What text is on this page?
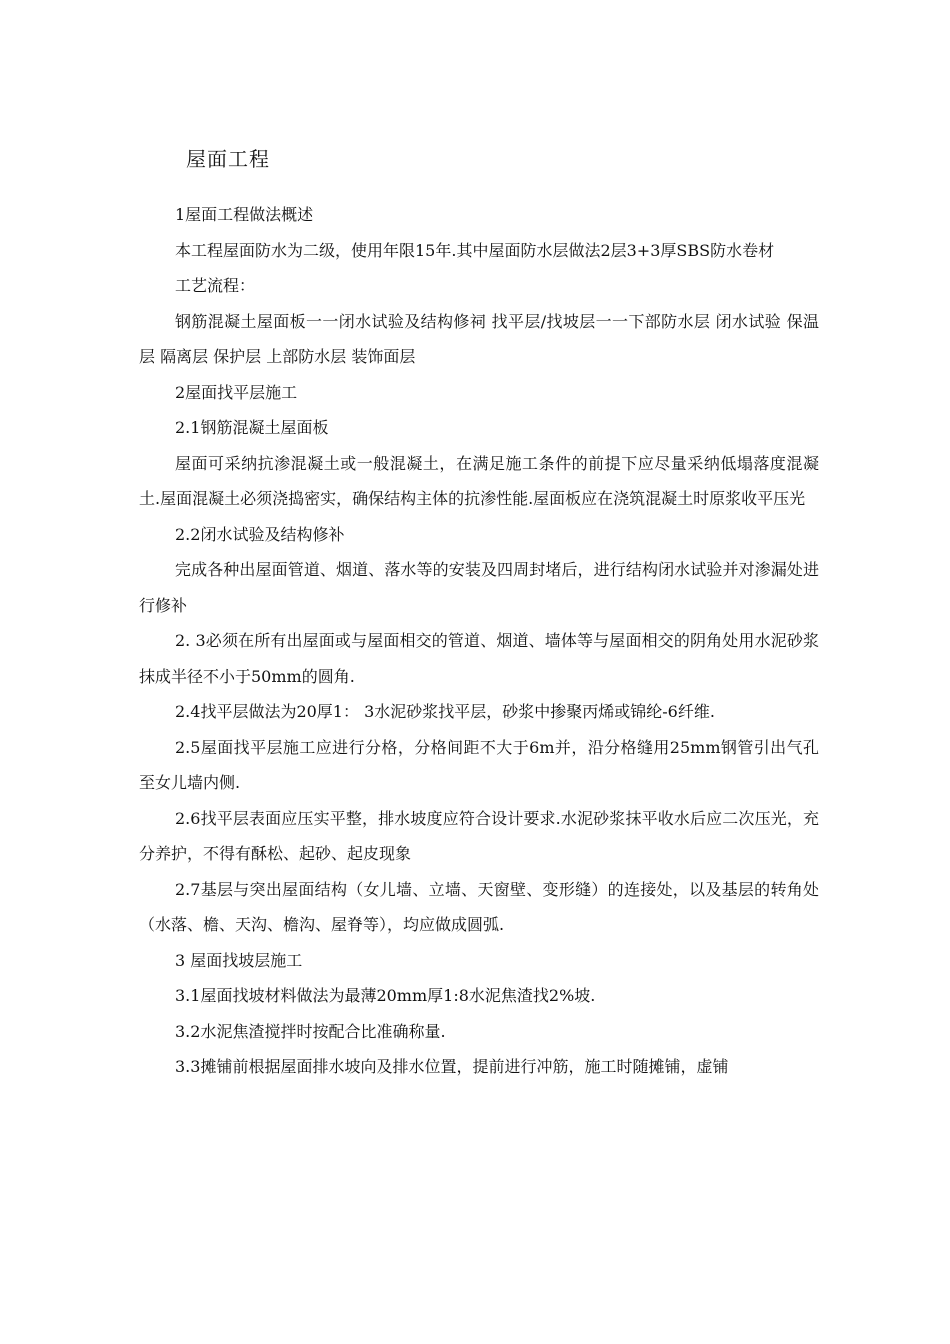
屋面工程

1屋面工程做法概述

本工程屋面防水为二级，使用年限15年.其中屋面防水层做法2层3+3厚SBS防水卷材

工艺流程：

钢筋混凝土屋面板一一闭水试验及结构修祠 找平层/找坡层一一下部防水层 闭水试验 保温层 隔离层 保护层 上部防水层 装饰面层

2屋面找平层施工

2.1钢筋混凝土屋面板

屋面可采纳抗渗混凝土或一般混凝土，在满足施工条件的前提下应尽量采纳低塌落度混凝土.屋面混凝土必须浇捣密实，确保结构主体的抗渗性能.屋面板应在浇筑混凝土时原浆收平压光

2.2闭水试验及结构修补

完成各种出屋面管道、烟道、落水等的安装及四周封堵后，进行结构闭水试验并对渗漏处进行修补

2. 3必须在所有出屋面或与屋面相交的管道、烟道、墙体等与屋面相交的阴角处用水泥砂浆抹成半径不小于50mm的圆角.

2.4找平层做法为20厚1： 3水泥砂浆找平层，砂浆中掺聚丙烯或锦纶-6纤维.

2.5屋面找平层施工应进行分格，分格间距不大于6m并，沿分格缝用25mm钢管引出气孔至女儿墙内侧.

2.6找平层表面应压实平整，排水坡度应符合设计要求.水泥砂浆抹平收水后应二次压光，充分养护，不得有酥松、起砂、起皮现象

2.7基层与突出屋面结构（女儿墙、立墙、天窗壁、变形缝）的连接处，以及基层的转角处（水落、檐、天沟、檐沟、屋脊等），均应做成圆弧.

3 屋面找坡层施工

3.1屋面找坡材料做法为最薄20mm厚1:8水泥焦渣找2%坡.

3.2水泥焦渣搅拌时按配合比准确称量.

3.3摊铺前根据屋面排水坡向及排水位置，提前进行冲筋，施工时随摊铺，虚铺
